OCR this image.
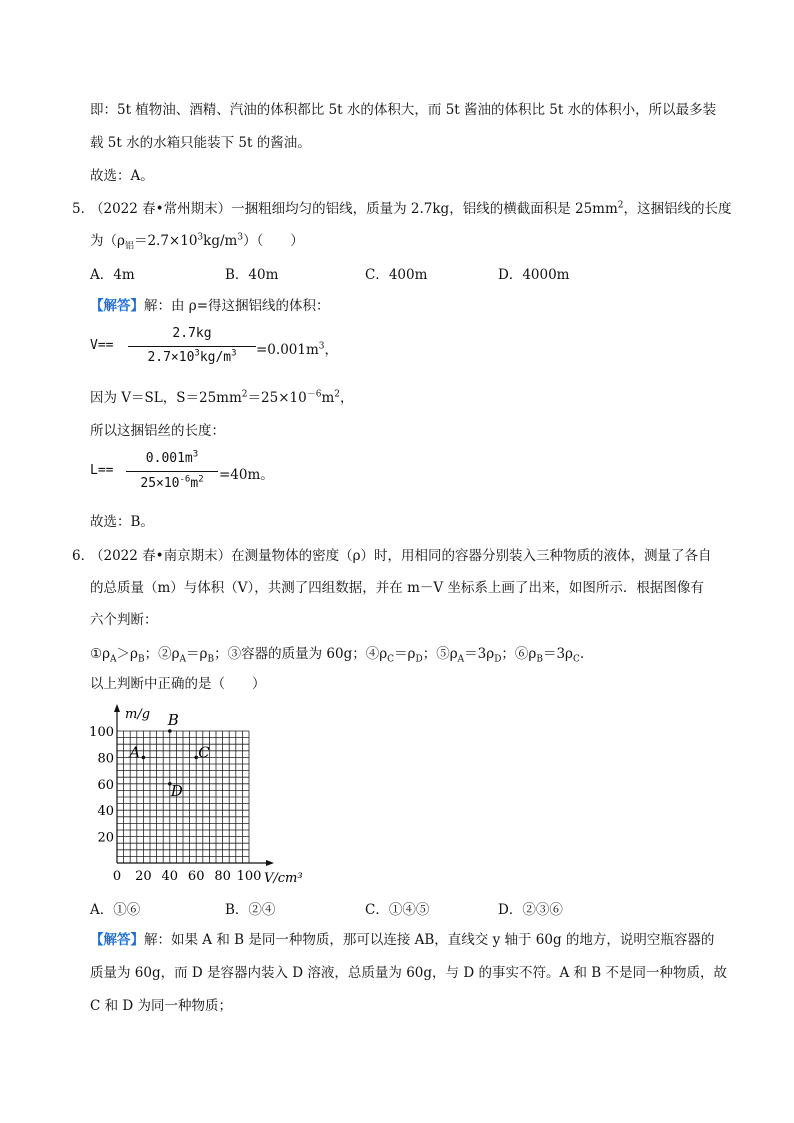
即：5t 植物油、酒精、汽油的体积都比 5t 水的体积大，而 5t 酱油的体积比 5t 水的体积小，所以最多装
载 5t 水的水箱只能装下 5t 的酱油。
故选：A。
5．
（2022 春•常州期末）一捆粗细均匀的铝线，质量为 2.7kg，铝线的横截面积是 $25mm^2$，这捆铝线的长度
为$(\rho_铝=2.7\times 10^3kg/m^3)$（　　）
A．4m	B．40m	C．400m	D．4000m
【解答】解：由 ρ=得这捆铝线的体积：
V==
2.7kg
$2.7\times 10^3kg/m^3$	$=0.001m^3$，
因为 V＝SL，$S=25mm^2=25\times 10^{-6}m^2$，
所以这捆铝丝的长度：
L==
$0.001m^3$
$25\times 10^{-6}m^2$	=40m。
故选：B。
6．
（2022 春•南京期末）在测量物体的密度（ρ）时，用相同的容器分别装入三种物质的液体，测量了各自
的总质量（m）与体积（V），共测了四组数据，并在 m－V 坐标系上画了出来，如图所示．根据图像有
六个判断：
$①\rho_A>\rho_B$；$②\rho_A=\rho_B$；③容器的质量为 60g；$④\rho_C=\rho_D$；$⑤\rho_A=3\rho_D$；$⑥\rho_B=3\rho_C$.
以上判断中正确的是（　　）
0 20 40 60 80 100
20
40
60
80
100
A
B
C
D
m/g
V/cm³
A．①⑥	B．②④	C．①④⑤	D．②③⑥
【解答】解：如果 A 和 B 是同一种物质，那可以连接 AB，直线交 y 轴于 60g 的地方，说明空瓶容器的
质量为 60g，而 D 是容器内装入 D 溶液，总质量为 60g，与 D 的事实不符。A 和 B 不是同一种物质，故
C 和 D 为同一种物质；
